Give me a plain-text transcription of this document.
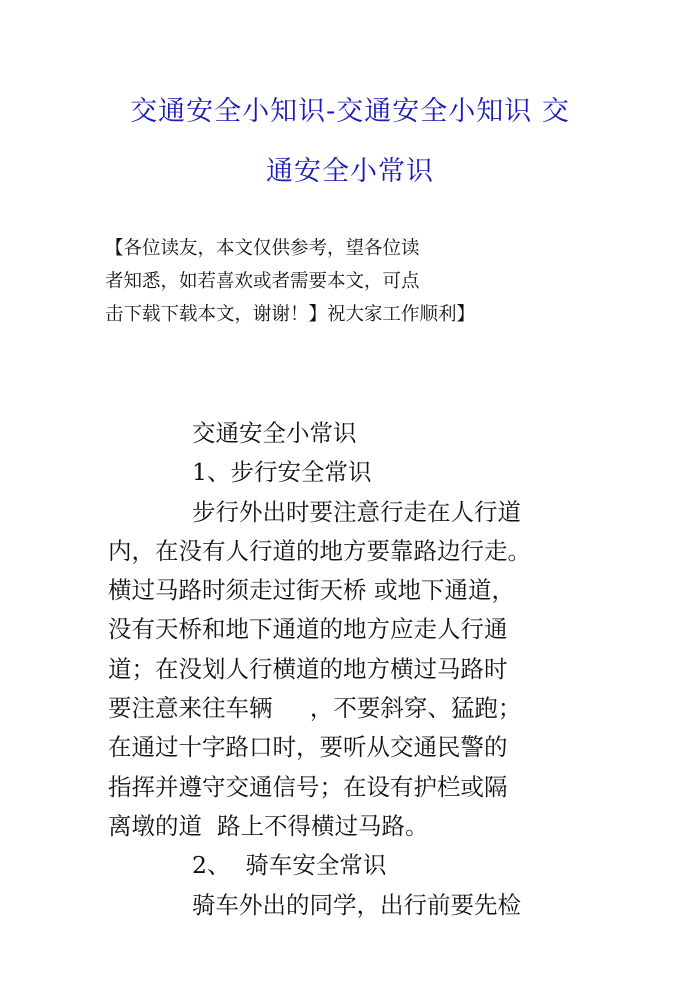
交通安全小知识-交通安全小知识 交
通安全小常识
【各位读友，本文仅供参考，望各位读
者知悉，如若喜欢或者需要本文，可点
击下载下载本文，谢谢！】祝大家工作顺利】
交通安全小常识
1、步行安全常识
步行外出时要注意行走在人行道
内，在没有人行道的地方要靠路边行走。
横过马路时须走过街天桥 或地下通道，
没有天桥和地下通道的地方应走人行通
道；在没划人行横道的地方横过马路时
要注意来往车辆     ，不要斜穿、猛跑；
在通过十字路口时，要听从交通民警的
指挥并遵守交通信号；在设有护栏或隔
离墩的道  路上不得横过马路。
2、  骑车安全常识
骑车外出的同学，出行前要先检
